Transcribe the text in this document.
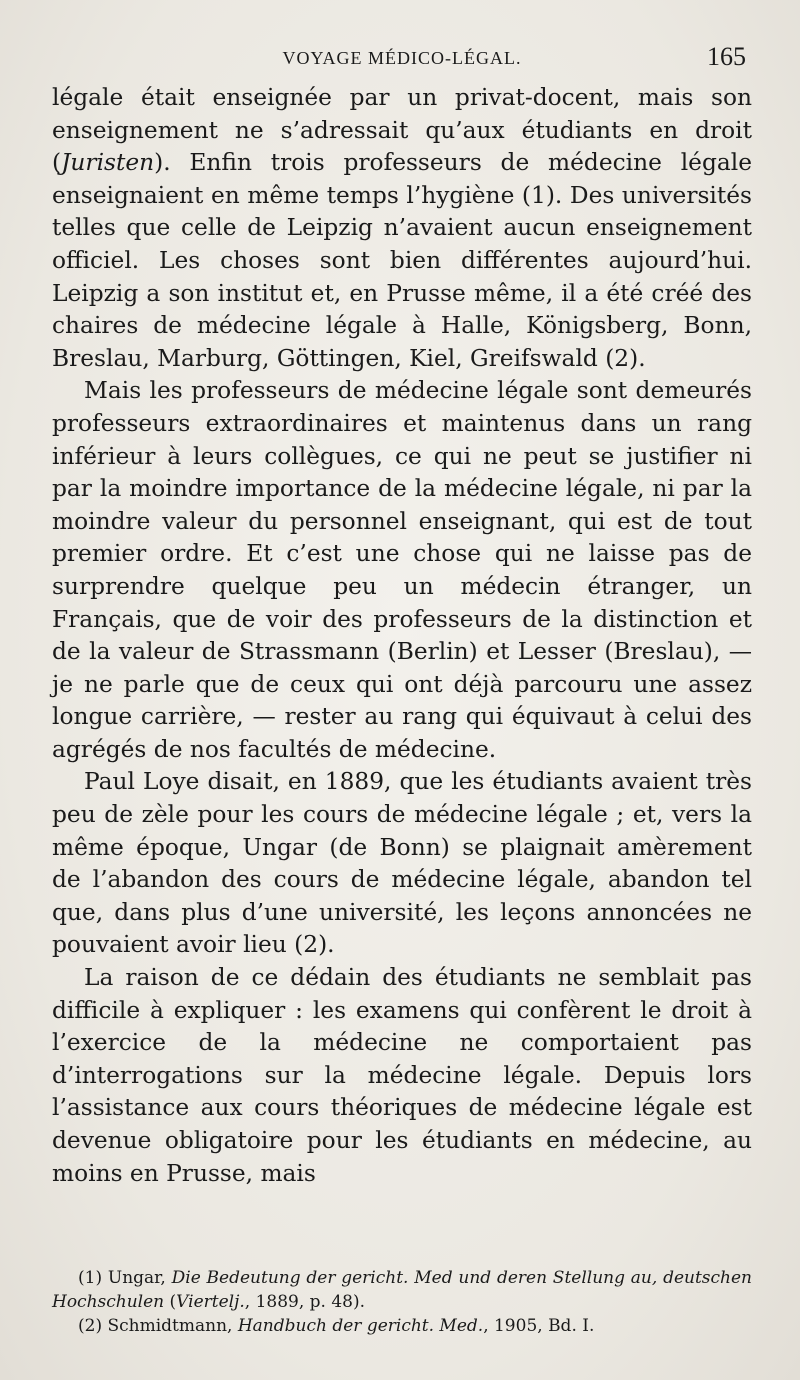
VOYAGE MÉDICO-LÉGAL.	165

légale était enseignée par un privat-docent, mais son enseignement ne s’adressait qu’aux étudiants en droit (Juristen). Enfin trois professeurs de médecine légale enseignaient en même temps l’hygiène (1). Des universités telles que celle de Leipzig n’avaient aucun enseignement officiel. Les choses sont bien différentes aujourd’hui. Leipzig a son institut et, en Prusse même, il a été créé des chaires de médecine légale à Halle, Königsberg, Bonn, Breslau, Marburg, Göttingen, Kiel, Greifswald (2).

Mais les professeurs de médecine légale sont demeurés professeurs extraordinaires et maintenus dans un rang inférieur à leurs collègues, ce qui ne peut se justifier ni par la moindre importance de la médecine légale, ni par la moindre valeur du personnel enseignant, qui est de tout premier ordre. Et c’est une chose qui ne laisse pas de surprendre quelque peu un médecin étranger, un Français, que de voir des professeurs de la distinction et de la valeur de Strassmann (Berlin) et Lesser (Breslau), — je ne parle que de ceux qui ont déjà parcouru une assez longue carrière, — rester au rang qui équivaut à celui des agrégés de nos facultés de médecine.

Paul Loye disait, en 1889, que les étudiants avaient très peu de zèle pour les cours de médecine légale ; et, vers la même époque, Ungar (de Bonn) se plaignait amèrement de l’abandon des cours de médecine légale, abandon tel que, dans plus d’une université, les leçons annoncées ne pouvaient avoir lieu (2).

La raison de ce dédain des étudiants ne semblait pas difficile à expliquer : les examens qui confèrent le droit à l’exercice de la médecine ne comportaient pas d’interrogations sur la médecine légale. Depuis lors l’assistance aux cours théoriques de médecine légale est devenue obligatoire pour les étudiants en médecine, au moins en Prusse, mais

(1) Ungar, Die Bedeutung der gericht. Med und deren Stellung au, deutschen Hochschulen (Viertelj., 1889, p. 48).

(2) Schmidtmann, Handbuch der gericht. Med., 1905, Bd. I.
